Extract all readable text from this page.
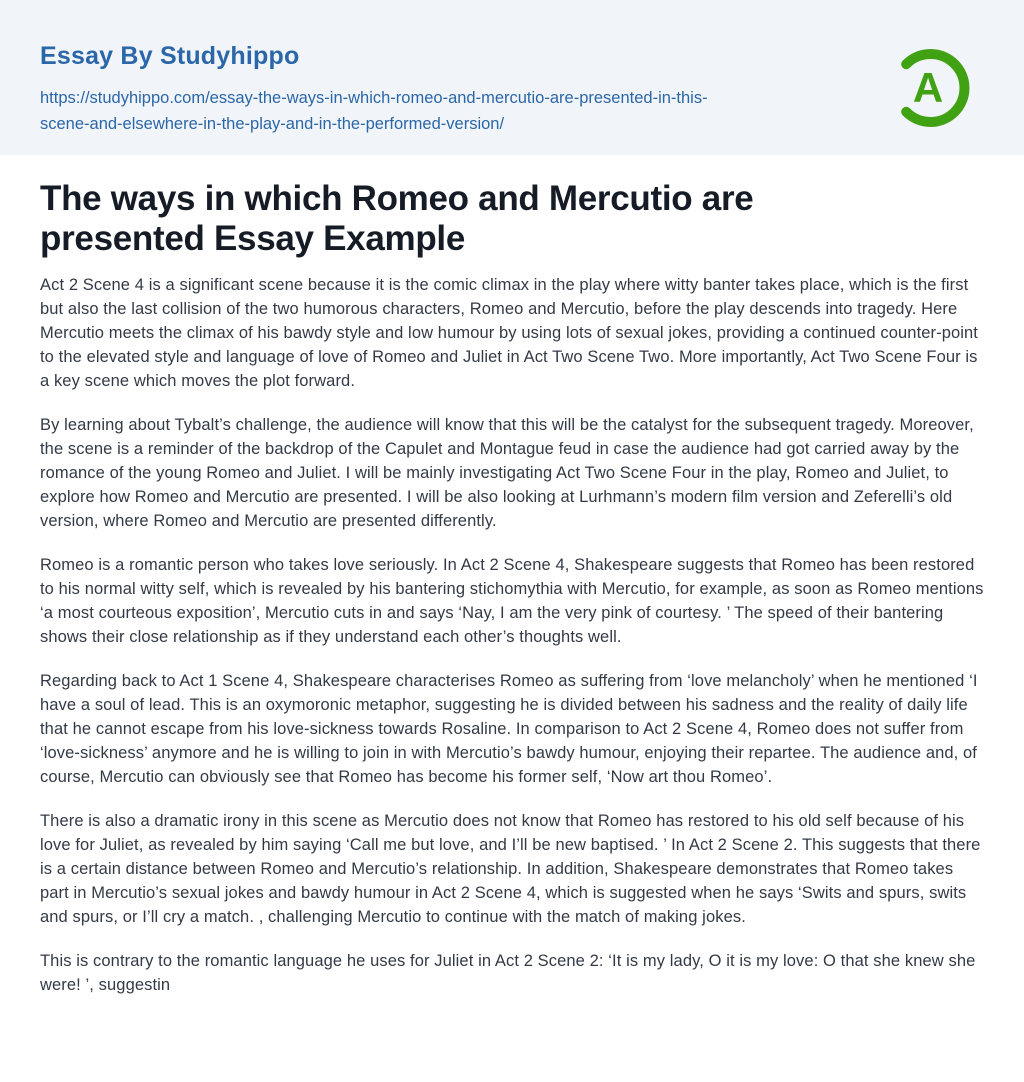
Essay By Studyhippo
https://studyhippo.com/essay-the-ways-in-which-romeo-and-mercutio-are-presented-in-this-
scene-and-elsewhere-in-the-play-and-in-the-performed-version/
A
The ways in which Romeo and Mercutio are presented Essay Example

Act 2 Scene 4 is a significant scene because it is the comic climax in the play where witty banter takes place, which is the first but also the last collision of the two humorous characters, Romeo and Mercutio, before the play descends into tragedy. Here Mercutio meets the climax of his bawdy style and low humour by using lots of sexual jokes, providing a continued counter-point to the elevated style and language of love of Romeo and Juliet in Act Two Scene Two. More importantly, Act Two Scene Four is a key scene which moves the plot forward.

By learning about Tybalt’s challenge, the audience will know that this will be the catalyst for the subsequent tragedy. Moreover, the scene is a reminder of the backdrop of the Capulet and Montague feud in case the audience had got carried away by the romance of the young Romeo and Juliet. I will be mainly investigating Act Two Scene Four in the play, Romeo and Juliet, to explore how Romeo and Mercutio are presented. I will be also looking at Lurhmann’s modern film version and Zeferelli’s old version, where Romeo and Mercutio are presented differently.

Romeo is a romantic person who takes love seriously. In Act 2 Scene 4, Shakespeare suggests that Romeo has been restored to his normal witty self, which is revealed by his bantering stichomythia with Mercutio, for example, as soon as Romeo mentions ‘a most courteous exposition’, Mercutio cuts in and says ‘Nay, I am the very pink of courtesy. ’ The speed of their bantering shows their close relationship as if they understand each other’s thoughts well.

Regarding back to Act 1 Scene 4, Shakespeare characterises Romeo as suffering from ‘love melancholy’ when he mentioned ‘I have a soul of lead. This is an oxymoronic metaphor, suggesting he is divided between his sadness and the reality of daily life that he cannot escape from his love-sickness towards Rosaline. In comparison to Act 2 Scene 4, Romeo does not suffer from ‘love-sickness’ anymore and he is willing to join in with Mercutio’s bawdy humour, enjoying their repartee. The audience and, of course, Mercutio can obviously see that Romeo has become his former self, ‘Now art thou Romeo’.

There is also a dramatic irony in this scene as Mercutio does not know that Romeo has restored to his old self because of his love for Juliet, as revealed by him saying ‘Call me but love, and I’ll be new baptised. ’ In Act 2 Scene 2. This suggests that there is a certain distance between Romeo and Mercutio’s relationship. In addition, Shakespeare demonstrates that Romeo takes part in Mercutio’s sexual jokes and bawdy humour in Act 2 Scene 4, which is suggested when he says ‘Swits and spurs, swits and spurs, or I’ll cry a match. , challenging Mercutio to continue with the match of making jokes.

This is contrary to the romantic language he uses for Juliet in Act 2 Scene 2: ‘It is my lady, O it is my love: O that she knew she were! ’, suggestin
